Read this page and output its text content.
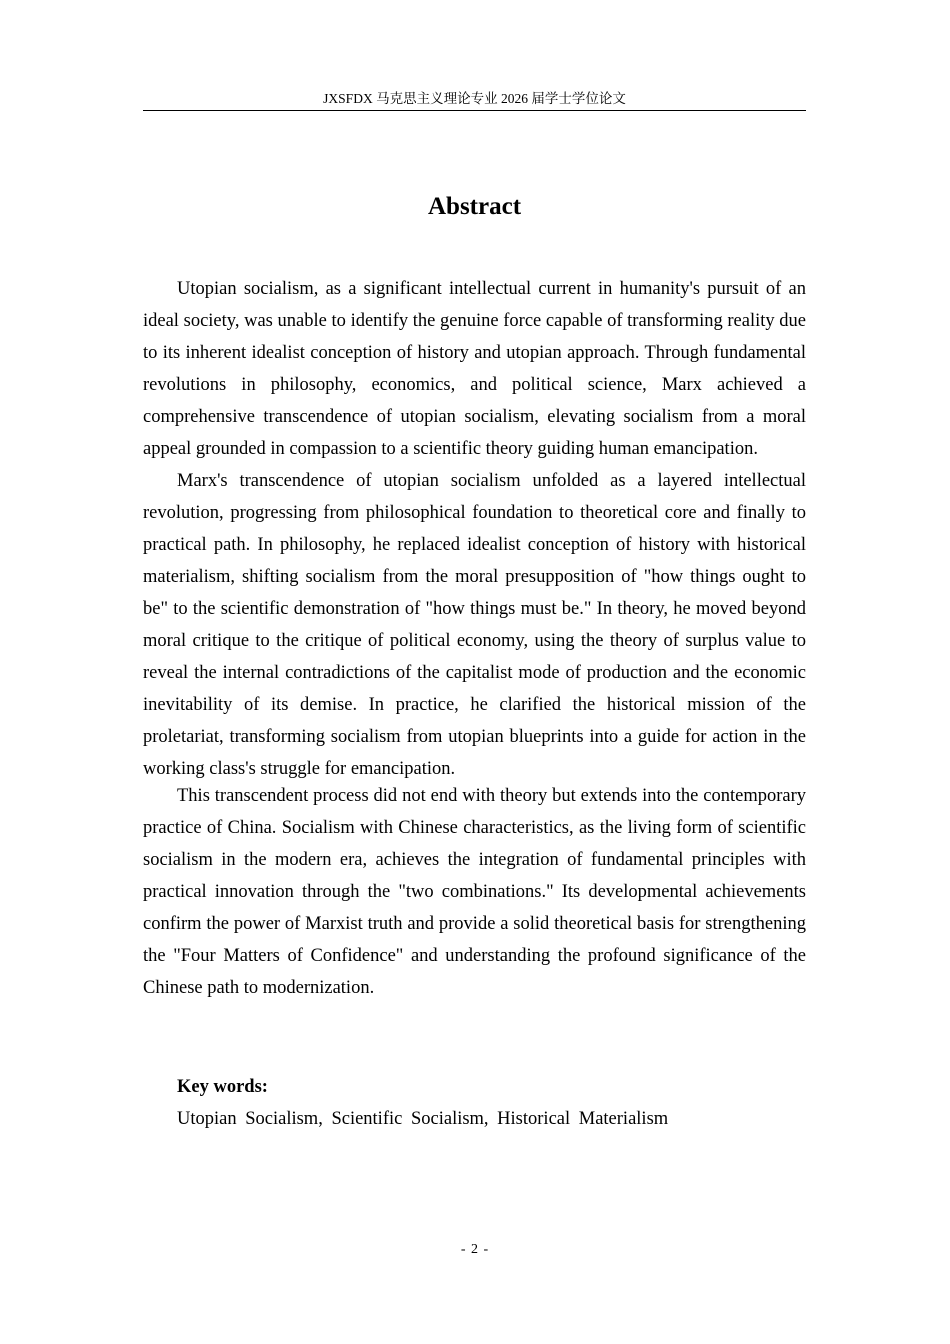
JXSFDX 马克思主义理论专业 2026 届学士学位论文
Abstract

Utopian socialism, as a significant intellectual current in humanity's pursuit of an ideal society, was unable to identify the genuine force capable of transforming reality due to its inherent idealist conception of history and utopian approach. Through fundamental revolutions in philosophy, economics, and political science, Marx achieved a comprehensive transcendence of utopian socialism, elevating socialism from a moral appeal grounded in compassion to a scientific theory guiding human emancipation.

Marx's transcendence of utopian socialism unfolded as a layered intellectual revolution, progressing from philosophical foundation to theoretical core and finally to practical path. In philosophy, he replaced idealist conception of history with historical materialism, shifting socialism from the moral presupposition of "how things ought to be" to the scientific demonstration of "how things must be." In theory, he moved beyond moral critique to the critique of political economy, using the theory of surplus value to reveal the internal contradictions of the capitalist mode of production and the economic inevitability of its demise. In practice, he clarified the historical mission of the proletariat, transforming socialism from utopian blueprints into a guide for action in the working class's struggle for emancipation.

This transcendent process did not end with theory but extends into the contemporary practice of China. Socialism with Chinese characteristics, as the living form of scientific socialism in the modern era, achieves the integration of fundamental principles with practical innovation through the "two combinations." Its developmental achievements confirm the power of Marxist truth and provide a solid theoretical basis for strengthening the "Four Matters of Confidence" and understanding the profound significance of the Chinese path to modernization.

Key words:
Utopian Socialism, Scientific Socialism, Historical Materialism
- 2 -
